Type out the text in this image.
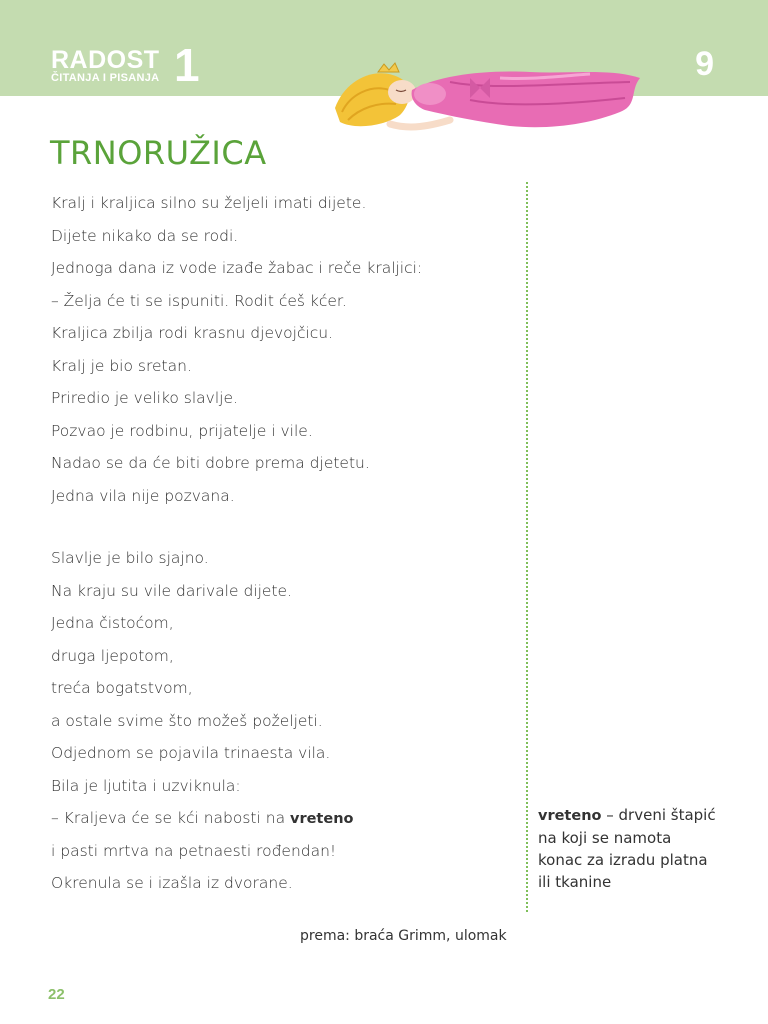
RADOST
ČITANJA I PISANJA 1	9
TRNORUŽICA
Kralj i kraljica silno su željeli imati dijete.
Dijete nikako da se rodi.
Jednoga dana iz vode izađe žabac i reče kraljici:
– Želja će ti se ispuniti. Rodit ćeš kćer.
Kraljica zbilja rodi krasnu djevojčicu.
Kralj je bio sretan.
Priredio je veliko slavlje.
Pozvao je rodbinu, prijatelje i vile.
Nadao se da će biti dobre prema djetetu.
Jedna vila nije pozvana.
Slavlje je bilo sjajno.
Na kraju su vile darivale dijete.
Jedna čistoćom,
druga ljepotom,
treća bogatstvom,
a ostale svime što možeš poželjeti.
Odjednom se pojavila trinaesta vila.
Bila je ljutita i uzviknula:
– Kraljeva će se kći nabosti na vreteno
i pasti mrtva na petnaesti rođendan!
Okrenula se i izašla iz dvorane.
vreteno – drveni štapić
na koji se namota
konac za izradu platna
ili tkanine
prema: braća Grimm, ulomak
22
